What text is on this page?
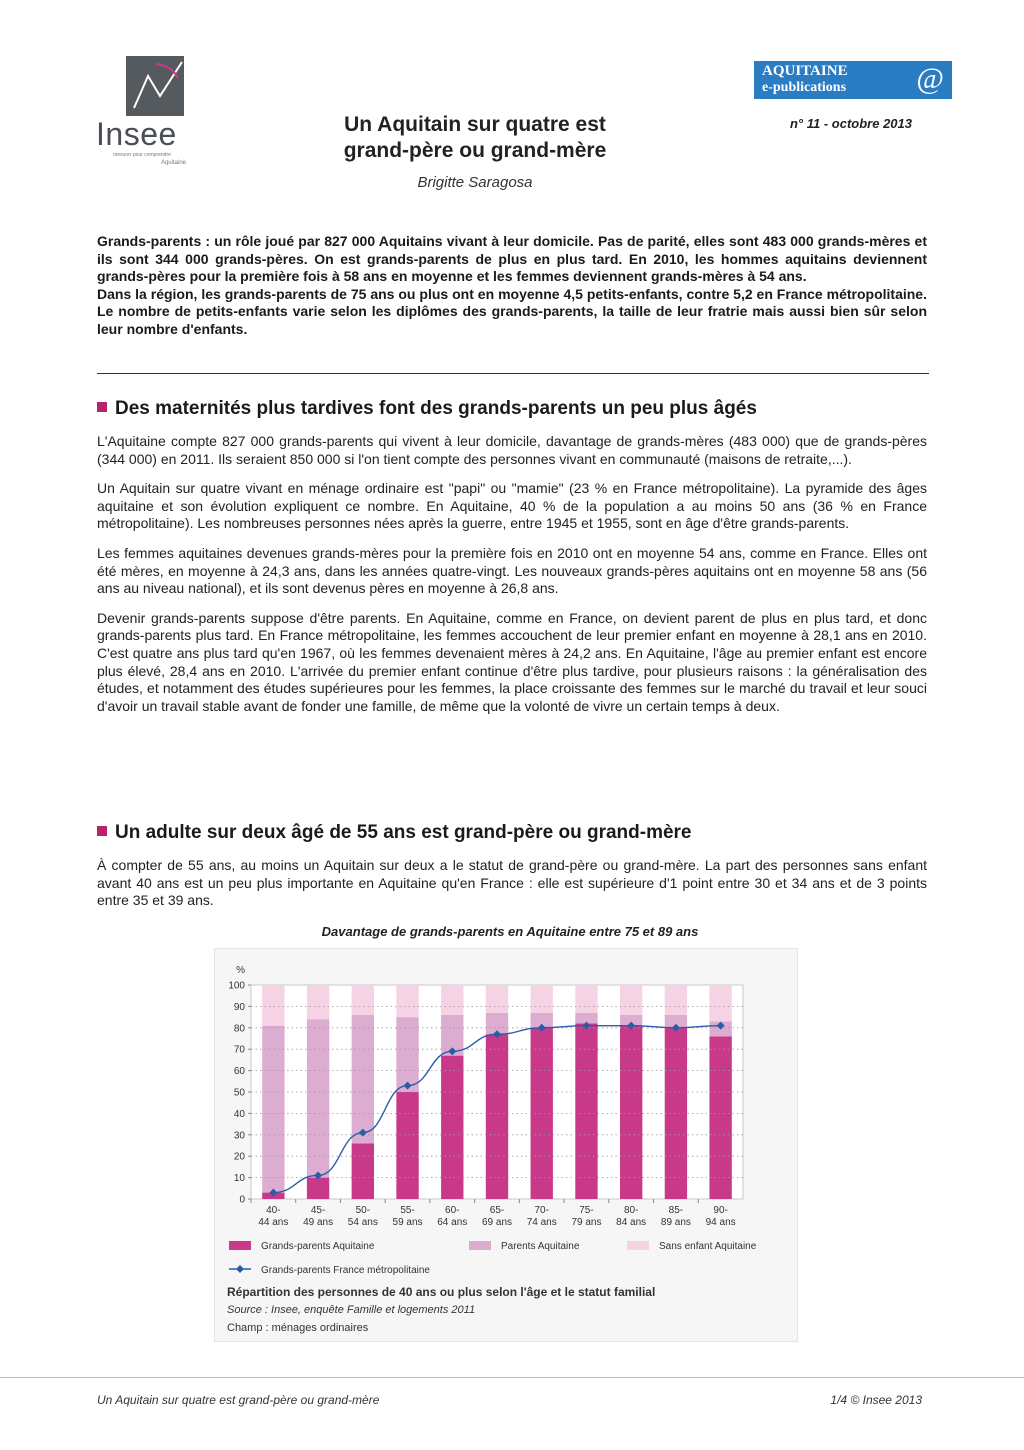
Insee
mesurer pour comprendre
Aquitaine
Un Aquitain sur quatre est
grand-père ou grand-mère
Brigitte Saragosa
AQUITAINE
e-publications @
n° 11 - octobre 2013

Grands-parents : un rôle joué par 827 000 Aquitains vivant à leur domicile. Pas de parité, elles sont 483 000 grands-mères et ils sont 344 000 grands-pères. On est grands-parents de plus en plus tard. En 2010, les hommes aquitains deviennent grands-pères pour la première fois à 58 ans en moyenne et les femmes deviennent grands-mères à 54 ans.

Dans la région, les grands-parents de 75 ans ou plus ont en moyenne 4,5 petits-enfants, contre 5,2 en France métropolitaine. Le nombre de petits-enfants varie selon les diplômes des grands-parents, la taille de leur fratrie mais aussi bien sûr selon leur nombre d'enfants.

Des maternités plus tardives font des grands-parents un peu plus âgés

L'Aquitaine compte 827 000 grands-parents qui vivent à leur domicile, davantage de grands-mères (483 000) que de grands-pères (344 000) en 2011. Ils seraient 850 000 si l'on tient compte des personnes vivant en communauté (maisons de retraite,...).

Un Aquitain sur quatre vivant en ménage ordinaire est "papi" ou "mamie" (23 % en France métropolitaine). La pyramide des âges aquitaine et son évolution expliquent ce nombre. En Aquitaine, 40 % de la population a au moins 50 ans (36 % en France métropolitaine). Les nombreuses personnes nées après la guerre, entre 1945 et 1955, sont en âge d'être grands-parents.

Les femmes aquitaines devenues grands-mères pour la première fois en 2010 ont en moyenne 54 ans, comme en France. Elles ont été mères, en moyenne à 24,3 ans, dans les années quatre-vingt. Les nouveaux grands-pères aquitains ont en moyenne 58 ans (56 ans au niveau national), et ils sont devenus pères en moyenne à 26,8 ans.

Devenir grands-parents suppose d'être parents. En Aquitaine, comme en France, on devient parent de plus en plus tard, et donc grands-parents plus tard. En France métropolitaine, les femmes accouchent de leur premier enfant en moyenne à 28,1 ans en 2010. C'est quatre ans plus tard qu'en 1967, où les femmes devenaient mères à 24,2 ans. En Aquitaine, l'âge au premier enfant est encore plus élevé, 28,4 ans en 2010. L'arrivée du premier enfant continue d'être plus tardive, pour plusieurs raisons : la généralisation des études, et notamment des études supérieures pour les femmes, la place croissante des femmes sur le marché du travail et leur souci d'avoir un travail stable avant de fonder une famille, de même que la volonté de vivre un certain temps à deux.

Un adulte sur deux âgé de 55 ans est grand-père ou grand-mère

À compter de 55 ans, au moins un Aquitain sur deux a le statut de grand-père ou grand-mère. La part des personnes sans enfant avant 40 ans est un peu plus importante en Aquitaine qu'en France : elle est supérieure d'1 point entre 30 et 34 ans et de 3 points entre 35 et 39 ans.

Davantage de grands-parents en Aquitaine entre 75 et 89 ans
%
0
10
20
30
40
50
60
70
80
90
100
40-
44 ans
45-
49 ans
50-
54 ans
55-
59 ans
60-
64 ans
65-
69 ans
70-
74 ans
75-
79 ans
80-
84 ans
85-
89 ans
90-
94 ans
Grands-parents Aquitaine	Parents Aquitaine	Sans enfant Aquitaine
Grands-parents France métropolitaine
Répartition des personnes de 40 ans ou plus selon l'âge et le statut familial
Source : Insee, enquête Famille et logements 2011
Champ : ménages ordinaires
Un Aquitain sur quatre est grand-père ou grand-mère	1/4 © Insee 2013
